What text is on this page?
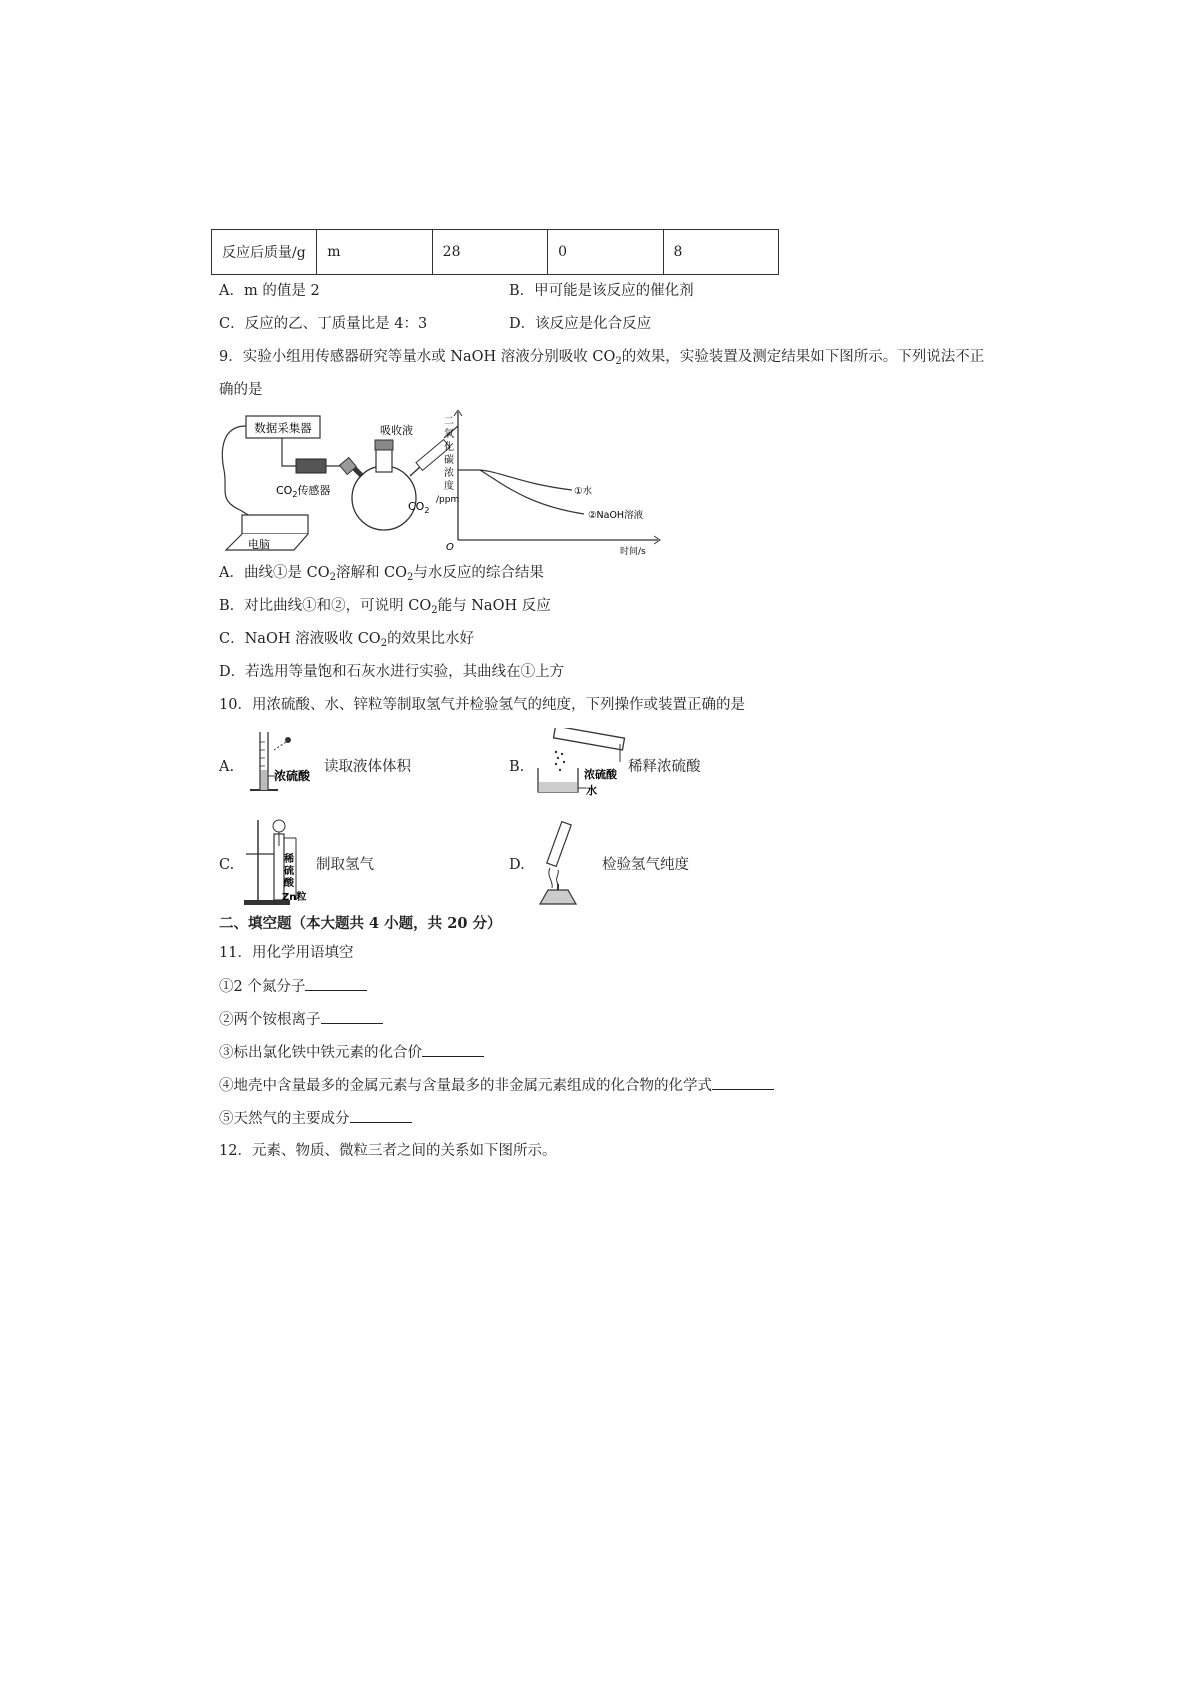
反应后质量/g	m	28	0	8
A．m 的值是 2	B．甲可能是该反应的催化剂
C．反应的乙、丁质量比是 4：3	D．该反应是化合反应
9．实验小组用传感器研究等量水或 NaOH 溶液分别吸收 $CO_2$的效果，实验装置及测定结果如下图所示。下列说法不正
确的是
数据采集器
$CO_2$传感器
电脑
吸收液
$CO_2$
二
氧
化
碳
浓
度
/ppm
O	时间/s
①水
②NaOH溶液
A．曲线①是 $CO_2$溶解和 $CO_2$与水反应的综合结果
B．对比曲线①和②，可说明 $CO_2$能与 NaOH 反应
C．NaOH 溶液吸收 $CO_2$的效果比水好
D．若选用等量饱和石灰水进行实验，其曲线在①上方
10．用浓硫酸、水、锌粒等制取氢气并检验氢气的纯度，下列操作或装置正确的是
A.
浓硫酸
读取液体体积	B.	浓硫酸
水
稀释浓硫酸
C.	稀
硫
酸
Zn粒
制取氢气	D.	检验氢气纯度
二、填空题（本大题共 4 小题，共 20 分）
11．用化学用语填空
①2 个氮分子
②两个铵根离子
③标出氯化铁中铁元素的化合价
④地壳中含量最多的金属元素与含量最多的非金属元素组成的化合物的化学式
⑤天然气的主要成分
12．元素、物质、微粒三者之间的关系如下图所示。
